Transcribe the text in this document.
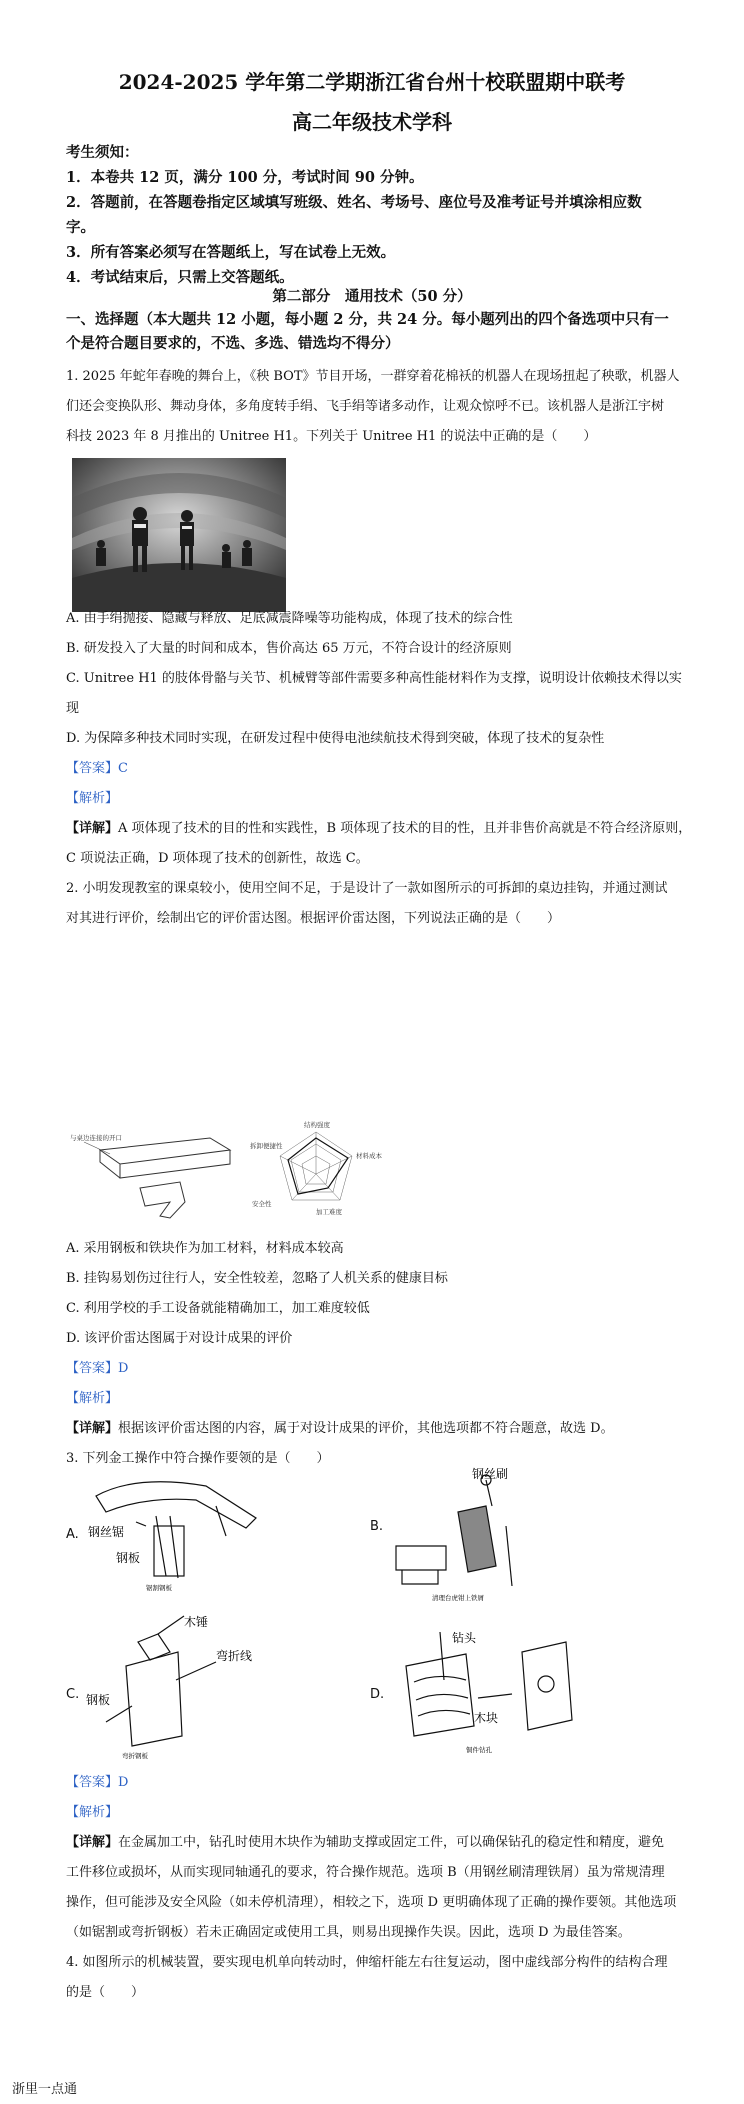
2024-2025 学年第二学期浙江省台州十校联盟期中联考
高二年级技术学科
考生须知：
1．本卷共 12 页，满分 100 分，考试时间 90 分钟。
2．答题前，在答题卷指定区域填写班级、姓名、考场号、座位号及准考证号并填涂相应数
字。
3．所有答案必须写在答题纸上，写在试卷上无效。
4．考试结束后，只需上交答题纸。
第二部分　通用技术（50 分）
一、选择题（本大题共 12 小题，每小题 2 分，共 24 分。每小题列出的四个备选项中只有一
个是符合题目要求的，不选、多选、错选均不得分）
1. 2025 年蛇年春晚的舞台上，《秧 BOT》节目开场，一群穿着花棉袄的机器人在现场扭起了秧歌，机器人
们还会变换队形、舞动身体，多角度转手绢、飞手绢等诸多动作，让观众惊呼不已。该机器人是浙江宇树
科技 2023 年 8 月推出的 Unitree H1。下列关于 Unitree H1 的说法中正确的是（　　）
A. 由手绢抛接、隐藏与释放、足底减震降噪等功能构成，体现了技术的综合性
B. 研发投入了大量的时间和成本，售价高达 65 万元，不符合设计的经济原则
C. Unitree H1 的肢体骨骼与关节、机械臂等部件需要多种高性能材料作为支撑，说明设计依赖技术得以实
现
D. 为保障多种技术同时实现，在研发过程中使得电池续航技术得到突破，体现了技术的复杂性
【答案】C
【解析】
【详解】A 项体现了技术的目的性和实践性，B 项体现了技术的目的性，且并非售价高就是不符合经济原则，
C 项说法正确，D 项体现了技术的创新性，故选 C。
2. 小明发现教室的课桌较小，使用空间不足，于是设计了一款如图所示的可拆卸的桌边挂钩，并通过测试
对其进行评价，绘制出它的评价雷达图。根据评价雷达图，下列说法正确的是（　　）
与桌边连接的开口
结构强度
拆卸便捷性
材料成本
加工难度
安全性
A. 采用钢板和铁块作为加工材料，材料成本较高
B. 挂钩易划伤过往行人，安全性较差，忽略了人机关系的健康目标
C. 利用学校的手工设备就能精确加工，加工难度较低
D. 该评价雷达图属于对设计成果的评价
【答案】D
【解析】
【详解】根据该评价雷达图的内容，属于对设计成果的评价，其他选项都不符合题意，故选 D。
3. 下列金工操作中符合操作要领的是（　　）
A.
B.
C.	D.
钢丝锯
钢板
锯割钢板
钢丝刷
清理台虎钳上铁屑
木锤
弯折线
钢板
弯折钢板
钻头
木块
铜件钻孔
【答案】D
【解析】
【详解】在金属加工中，钻孔时使用木块作为辅助支撑或固定工件，可以确保钻孔的稳定性和精度，避免
工件移位或损坏，从而实现同轴通孔的要求，符合操作规范。选项 B（用钢丝刷清理铁屑）虽为常规清理
操作，但可能涉及安全风险（如未停机清理），相较之下，选项 D 更明确体现了正确的操作要领。其他选项
（如锯割或弯折钢板）若未正确固定或使用工具，则易出现操作失误。因此，选项 D 为最佳答案。
4. 如图所示的机械装置，要实现电机单向转动时，伸缩杆能左右往复运动，图中虚线部分构件的结构合理
的是（　　）
浙里一点通
